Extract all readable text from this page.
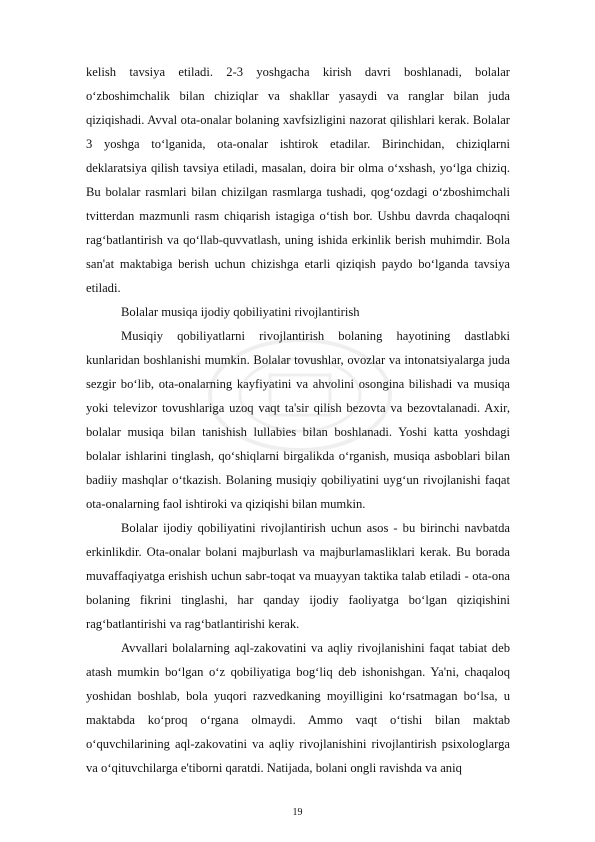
kelish tavsiya etiladi. 2-3 yoshgacha kirish davri boshlanadi, bolalar o‘zboshimchalik bilan chiziqlar va shakllar yasaydi va ranglar bilan juda qiziqishadi. Avval ota-onalar bolaning xavfsizligini nazorat qilishlari kerak. Bolalar 3 yoshga to‘lganida, ota-onalar ishtirok etadilar. Birinchidan, chiziqlarni deklaratsiya qilish tavsiya etiladi, masalan, doira bir olma o‘xshash, yo‘lga chiziq. Bu bolalar rasmlari bilan chizilgan rasmlarga tushadi, qog‘ozdagi o‘zboshimchali tvitterdan mazmunli rasm chiqarish istagiga o‘tish bor. Ushbu davrda chaqaloqni rag‘batlantirish va qo‘llab-quvvatlash, uning ishida erkinlik berish muhimdir. Bola san'at maktabiga berish uchun chizishga etarli qiziqish paydo bo‘lganda tavsiya etiladi.

Bolalar musiqa ijodiy qobiliyatini rivojlantirish

Musiqiy qobiliyatlarni rivojlantirish bolaning hayotining dastlabki kunlaridan boshlanishi mumkin. Bolalar tovushlar, ovozlar va intonatsiyalarga juda sezgir bo‘lib, ota-onalarning kayfiyatini va ahvolini osongina bilishadi va musiqa yoki televizor tovushlariga uzoq vaqt ta'sir qilish bezovta va bezovtalanadi. Axir, bolalar musiqa bilan tanishish lullabies bilan boshlanadi. Yoshi katta yoshdagi bolalar ishlarini tinglash, qo‘shiqlarni birgalikda o‘rganish, musiqa asboblari bilan badiiy mashqlar o‘tkazish. Bolaning musiqiy qobiliyatini uyg‘un rivojlanishi faqat ota-onalarning faol ishtiroki va qiziqishi bilan mumkin.

Bolalar ijodiy qobiliyatini rivojlantirish uchun asos - bu birinchi navbatda erkinlikdir. Ota-onalar bolani majburlash va majburlamasliklari kerak. Bu borada muvaffaqiyatga erishish uchun sabr-toqat va muayyan taktika talab etiladi - ota-ona bolaning fikrini tinglashi, har qanday ijodiy faoliyatga bo‘lgan qiziqishini rag‘batlantirishi va rag‘batlantirishi kerak.

Avvallari bolalarning aql-zakovatini va aqliy rivojlanishini faqat tabiat deb atash mumkin bo‘lgan o‘z qobiliyatiga bog‘liq deb ishonishgan. Ya'ni, chaqaloq yoshidan boshlab, bola yuqori razvedkaning moyilligini ko‘rsatmagan bo‘lsa, u maktabda ko‘proq o‘rgana olmaydi. Ammo vaqt o‘tishi bilan maktab o‘quvchilarining aql-zakovatini va aqliy rivojlanishini rivojlantirish psixologlarga va o‘qituvchilarga e'tiborni qaratdi. Natijada, bolani ongli ravishda va aniq

19
